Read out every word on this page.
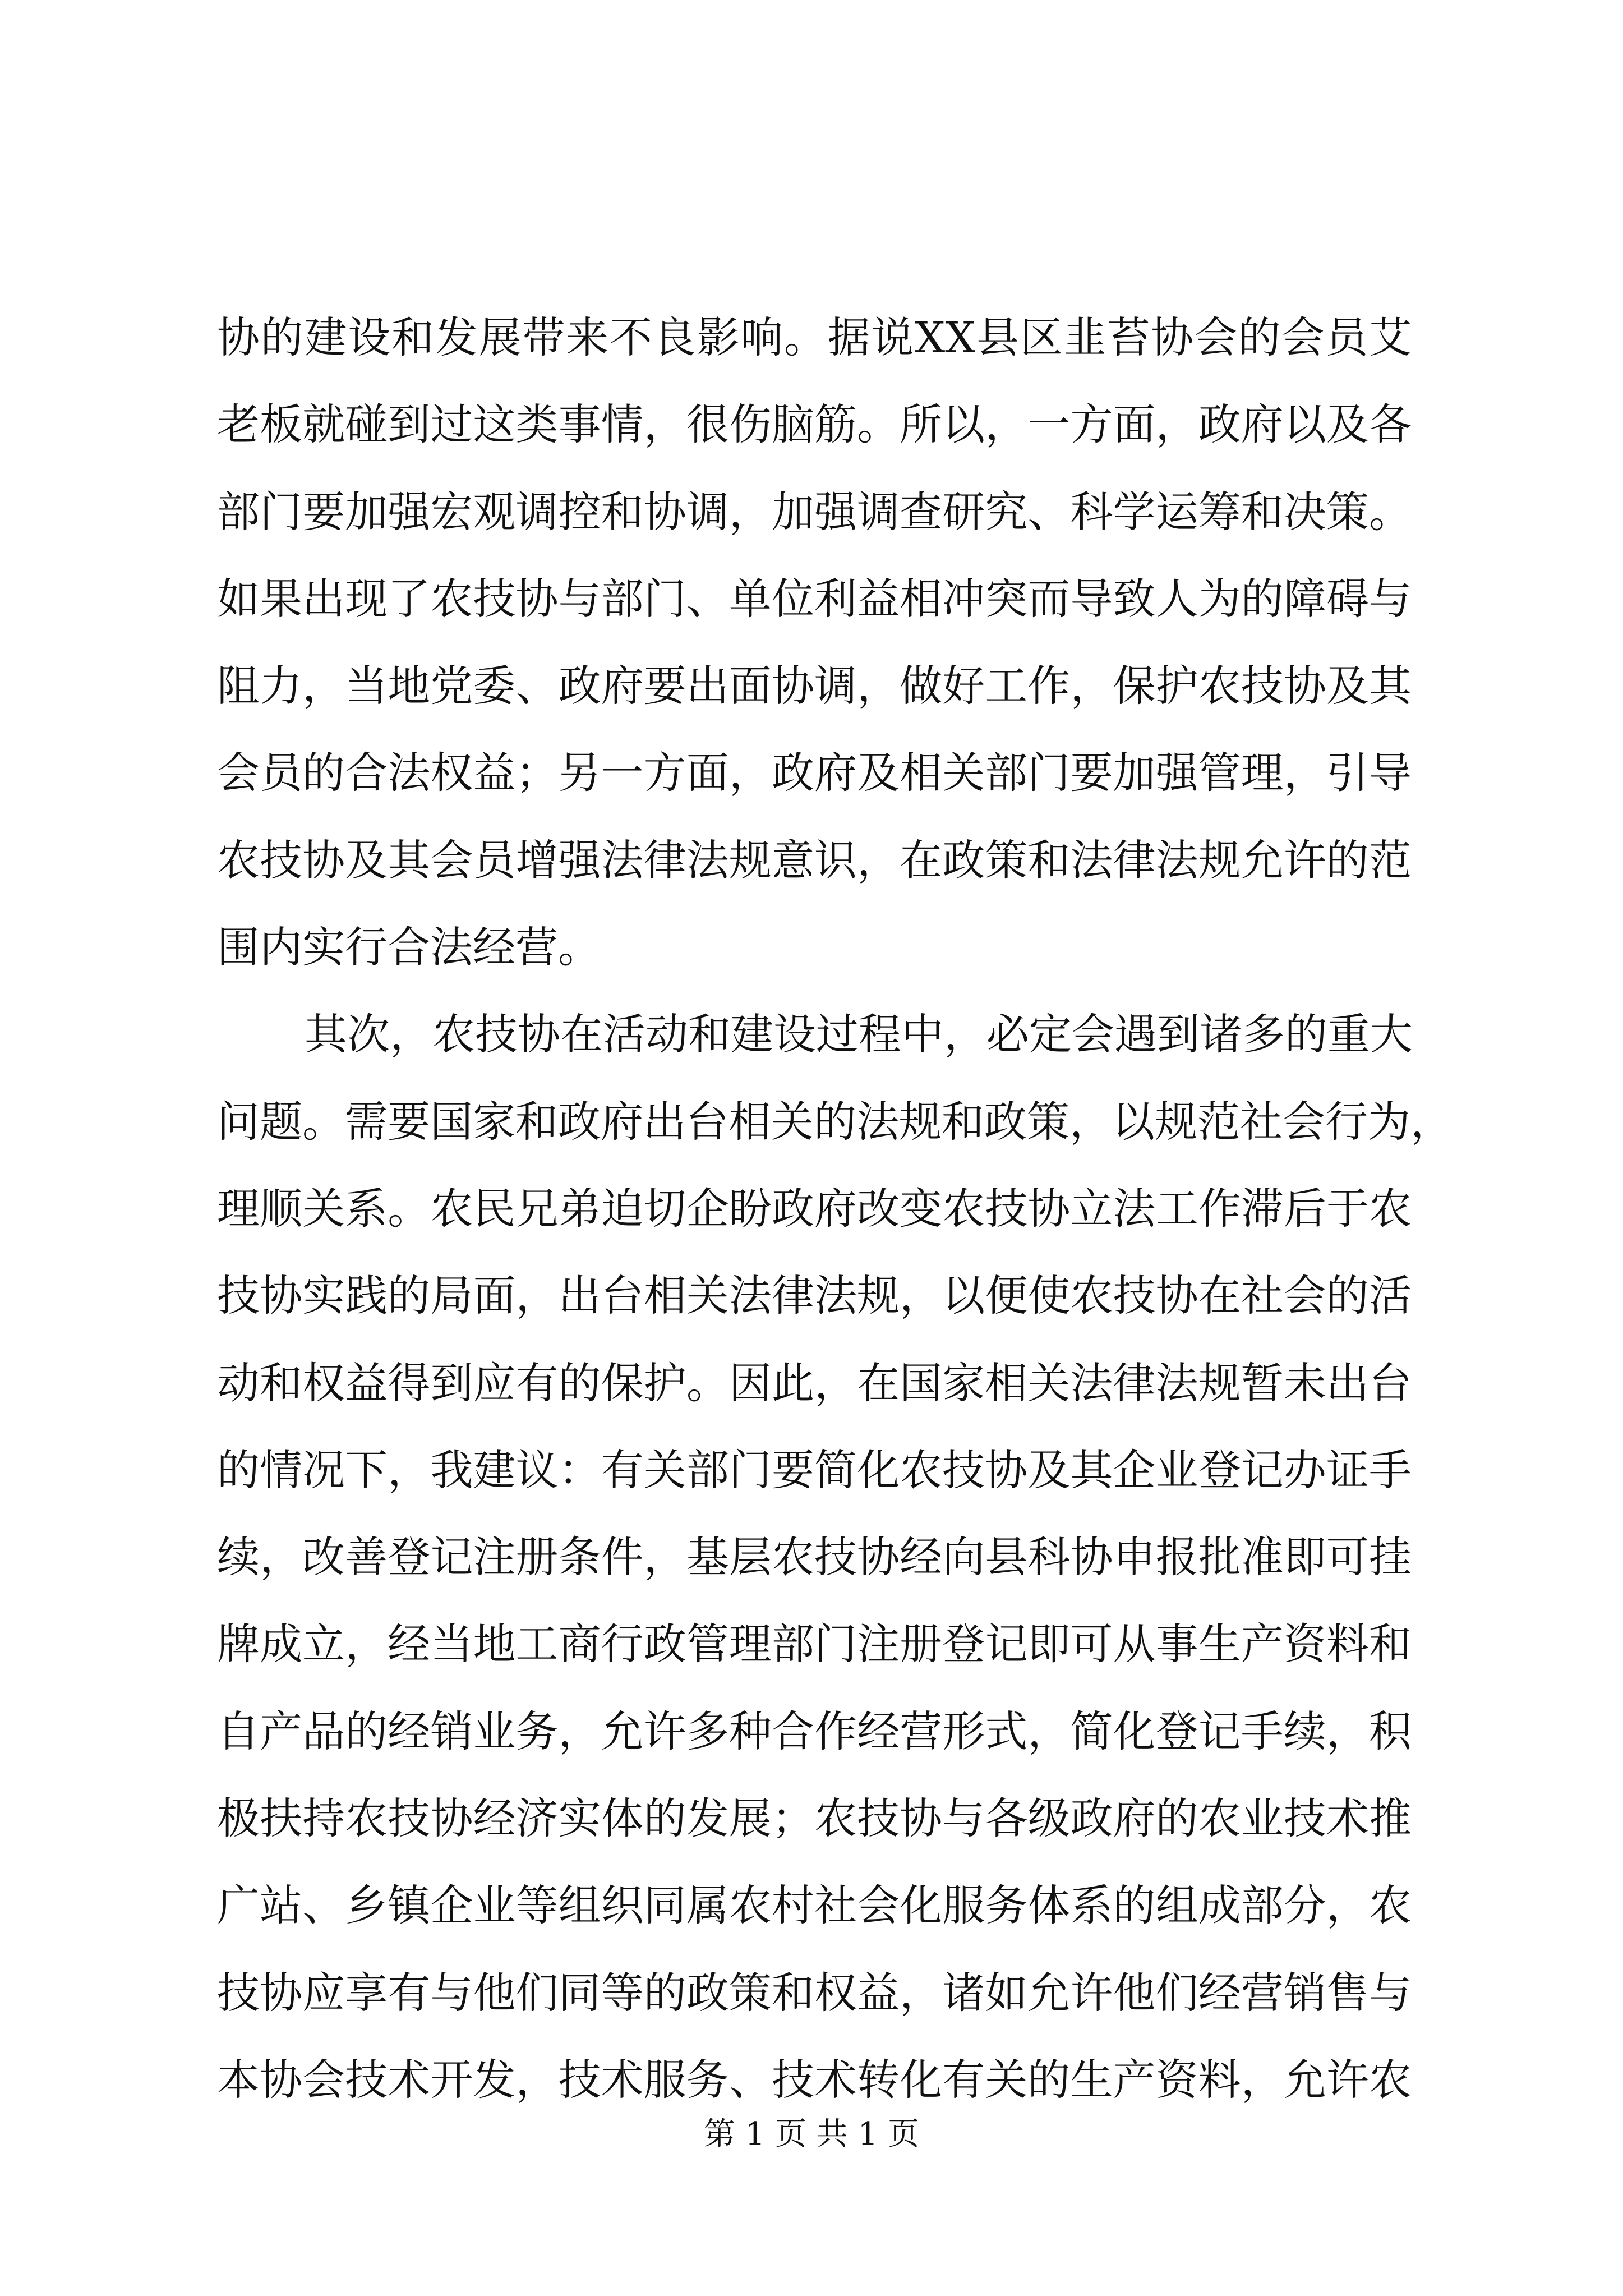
协的建设和发展带来不良影响。据说XX县区韭苔协会的会员艾
老板就碰到过这类事情，很伤脑筋。所以，一方面，政府以及各
部门要加强宏观调控和协调，加强调查研究、科学运筹和决策。
如果出现了农技协与部门、单位利益相冲突而导致人为的障碍与
阻力，当地党委、政府要出面协调，做好工作，保护农技协及其
会员的合法权益；另一方面，政府及相关部门要加强管理，引导
农技协及其会员增强法律法规意识，在政策和法律法规允许的范
围内实行合法经营。
其次，农技协在活动和建设过程中，必定会遇到诸多的重大
问题。需要国家和政府出台相关的法规和政策，以规范社会行为，
理顺关系。农民兄弟迫切企盼政府改变农技协立法工作滞后于农
技协实践的局面，出台相关法律法规，以便使农技协在社会的活
动和权益得到应有的保护。因此，在国家相关法律法规暂未出台
的情况下，我建议：有关部门要简化农技协及其企业登记办证手
续，改善登记注册条件，基层农技协经向县科协申报批准即可挂
牌成立，经当地工商行政管理部门注册登记即可从事生产资料和
自产品的经销业务，允许多种合作经营形式，简化登记手续，积
极扶持农技协经济实体的发展；农技协与各级政府的农业技术推
广站、乡镇企业等组织同属农村社会化服务体系的组成部分，农
技协应享有与他们同等的政策和权益，诸如允许他们经营销售与
本协会技术开发，技术服务、技术转化有关的生产资料，允许农
第 1 页 共 1 页
